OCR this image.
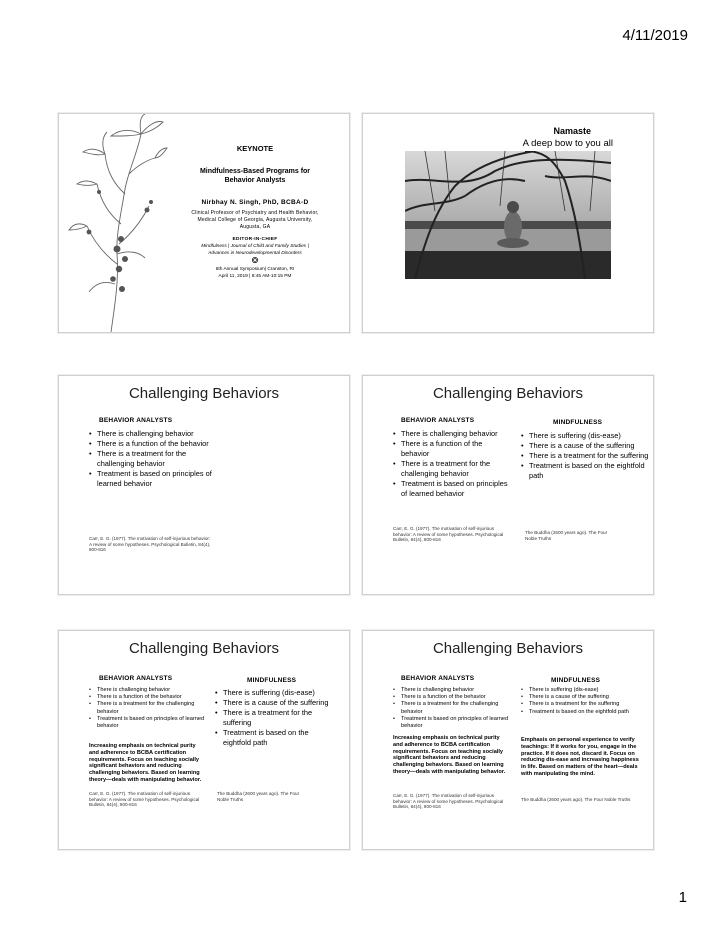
4/11/2019
KEYNOTE
Mindfulness-Based Programs for
Behavior Analysts
Nirbhay N. Singh, PhD, BCBA-D
Clinical Professor of Psychiatry and Health Behavior,
Medical College of Georgia, Augusta University,
Augusta, GA
EDITOR-IN-CHIEF
Mindfulness | Journal of Child and Family Studies |
Advances in Neurodevelopmental Disorders
❂
6th Annual Symposium| Cranston, RI
April 11, 2019 | 8:45 AM-10:15 PM
Namaste
A deep bow to you all
Challenging Behaviors
BEHAVIOR ANALYSTS
• There is challenging behavior
• There is a function of the behavior
• There is a treatment for the challenging behavior
• Treatment is based on principles of learned behavior
Carr, E. G. (1977). The motivation of self-injurious behavior: A review of some hypotheses. Psychological Bulletin, 84(4), 800-816
Challenging Behaviors
BEHAVIOR ANALYSTS	MINDFULNESS
• There is challenging behavior
• There is a function of the behavior
• There is a treatment for the challenging behavior
• Treatment is based on principles of learned behavior
• There is suffering (dis-ease)
• There is a cause of the suffering
• There is a treatment for the suffering
• Treatment is based on the eightfold path
Carr, E. G. (1977). The motivation of self-injurious behavior: A review of some hypotheses. Psychological Bulletin, 84(4), 800-816
The Buddha (2600 years ago). The Four Noble Truths
Challenging Behaviors
BEHAVIOR ANALYSTS	MINDFULNESS
• There is challenging behavior
• There is a function of the behavior
• There is a treatment for the challenging behavior
• Treatment is based on principles of learned behavior
• There is suffering (dis-ease)
• There is a cause of the suffering
• There is a treatment for the suffering
• Treatment is based on the eightfold path
Increasing emphasis on technical purity and adherence to BCBA certification requirements. Focus on teaching socially significant behaviors and reducing challenging behaviors. Based on learning theory—deals with manipulating behavior.
Carr, E. G. (1977). The motivation of self-injurious behavior: A review of some hypotheses. Psychological Bulletin, 84(4), 800-816
The Buddha (2600 years ago). The Four Noble Truths
Challenging Behaviors
BEHAVIOR ANALYSTS	MINDFULNESS
• There is challenging behavior
• There is a function of the behavior
• There is a treatment for the challenging behavior
• Treatment is based on principles of learned behavior
• There is suffering (dis-ease)
• There is a cause of the suffering
• There is a treatment for the suffering
• Treatment is based on the eightfold path
Increasing emphasis on technical purity and adherence to BCBA certification requirements. Focus on teaching socially significant behaviors and reducing challenging behaviors. Based on learning theory—deals with manipulating behavior.
Emphasis on personal experience to verify teachings: If it works for you, engage in the practice. If it does not, discard it. Focus on reducing dis-ease and increasing happiness in life. Based on matters of the heart—deals with manipulating the mind.
Carr, E. G. (1977). The motivation of self-injurious behavior: A review of some hypotheses. Psychological Bulletin, 84(4), 800-816
The Buddha (2600 years ago). The Four Noble Truths
1
